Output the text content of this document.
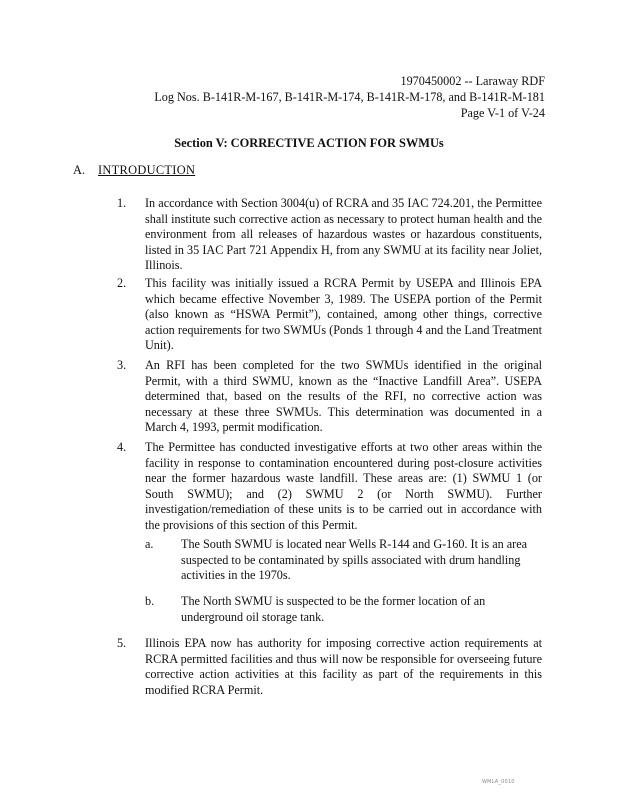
1970450002 -- Laraway RDF
Log Nos. B-141R-M-167, B-141R-M-174, B-141R-M-178, and B-141R-M-181
Page V-1 of V-24
Section V: CORRECTIVE ACTION FOR SWMUs
A. INTRODUCTION
1. In accordance with Section 3004(u) of RCRA and 35 IAC 724.201, the Permittee shall institute such corrective action as necessary to protect human health and the environment from all releases of hazardous wastes or hazardous constituents, listed in 35 IAC Part 721 Appendix H, from any SWMU at its facility near Joliet, Illinois.
2. This facility was initially issued a RCRA Permit by USEPA and Illinois EPA which became effective November 3, 1989. The USEPA portion of the Permit (also known as “HSWA Permit”), contained, among other things, corrective action requirements for two SWMUs (Ponds 1 through 4 and the Land Treatment Unit).
3. An RFI has been completed for the two SWMUs identified in the original Permit, with a third SWMU, known as the “Inactive Landfill Area”. USEPA determined that, based on the results of the RFI, no corrective action was necessary at these three SWMUs. This determination was documented in a March 4, 1993, permit modification.
4. The Permittee has conducted investigative efforts at two other areas within the facility in response to contamination encountered during post-closure activities near the former hazardous waste landfill. These areas are: (1) SWMU 1 (or South SWMU); and (2) SWMU 2 (or North SWMU). Further investigation/remediation of these units is to be carried out in accordance with the provisions of this section of this Permit.
a. The South SWMU is located near Wells R-144 and G-160. It is an area suspected to be contaminated by spills associated with drum handling activities in the 1970s.
b. The North SWMU is suspected to be the former location of an underground oil storage tank.
5. Illinois EPA now has authority for imposing corrective action requirements at RCRA permitted facilities and thus will now be responsible for overseeing future corrective action activities at this facility as part of the requirements in this modified RCRA Permit.
WMLA_0010
